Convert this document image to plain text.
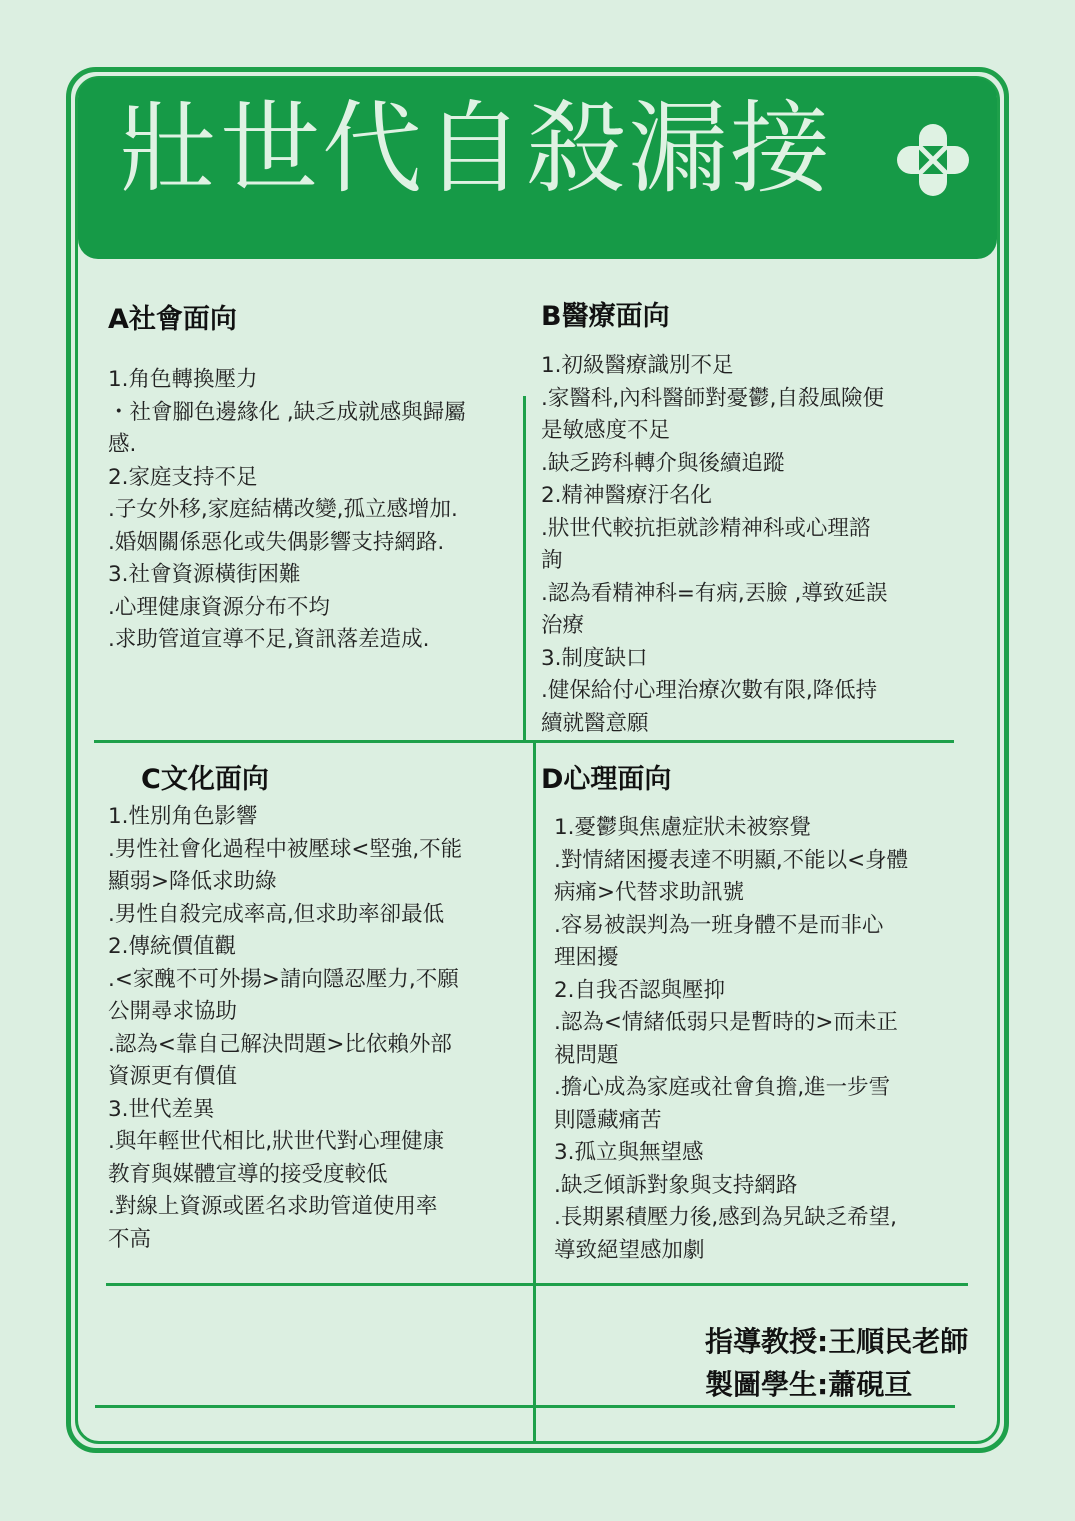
壯世代自殺漏接
A社會面向
1.角色轉換壓力
・社會腳色邊緣化 ,缺乏成就感與歸屬
感.
2.家庭支持不足
.子女外移,家庭結構改變,孤立感增加.
.婚姻關係惡化或失偶影響支持網路.
3.社會資源橫街困難
.心理健康資源分布不均
.求助管道宣導不足,資訊落差造成.
B醫療面向
1.初級醫療識別不足
.家醫科,內科醫師對憂鬱,自殺風險便
是敏感度不足
.缺乏跨科轉介與後續追蹤
2.精神醫療汙名化
.狀世代較抗拒就診精神科或心理諮
詢
.認為看精神科=有病,丟臉 ,導致延誤
治療
3.制度缺口
.健保給付心理治療次數有限,降低持
續就醫意願
C文化面向
1.性別角色影響
.男性社會化過程中被壓球<堅強,不能
顯弱>降低求助綠
.男性自殺完成率高,但求助率卻最低
2.傳統價值觀
.<家醜不可外揚>請向隱忍壓力,不願
公開尋求協助
.認為<靠自己解決問題>比依賴外部
資源更有價值
3.世代差異
.與年輕世代相比,狀世代對心理健康
教育與媒體宣導的接受度較低
.對線上資源或匿名求助管道使用率
不高
D心理面向
1.憂鬱與焦慮症狀未被察覺
.對情緒困擾表達不明顯,不能以<身體
病痛>代替求助訊號
.容易被誤判為一班身體不是而非心
理困擾
2.自我否認與壓抑
.認為<情緒低弱只是暫時的>而未正
視問題
.擔心成為家庭或社會負擔,進一步雪
則隱藏痛苦
3.孤立與無望感
.缺乏傾訴對象與支持網路
.長期累積壓力後,感到為旯缺乏希望,
導致絕望感加劇
指導教授:王順民老師
製圖學生:蕭硯亘
